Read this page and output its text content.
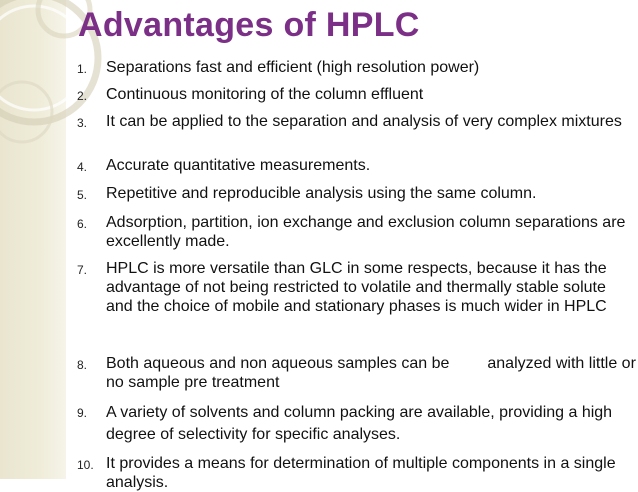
Advantages of HPLC
1. Separations fast and efficient (high resolution power)
2. Continuous monitoring of the column effluent
3. It can be applied to the separation and analysis of very complex mixtures
4. Accurate quantitative measurements.
5. Repetitive and reproducible analysis using the same column.
6. Adsorption, partition, ion exchange and exclusion column separations are excellently made.
7. HPLC is more versatile than GLC in some respects, because it has the advantage of not being restricted to volatile and thermally stable solute and the choice of mobile and stationary phases is much wider in HPLC
8. Both aqueous and non aqueous samples can be analyzed with little or no sample pre treatment
9. A variety of solvents and column packing are available, providing a high degree of selectivity for specific analyses.
10. It provides a means for determination of multiple components in a single analysis.
